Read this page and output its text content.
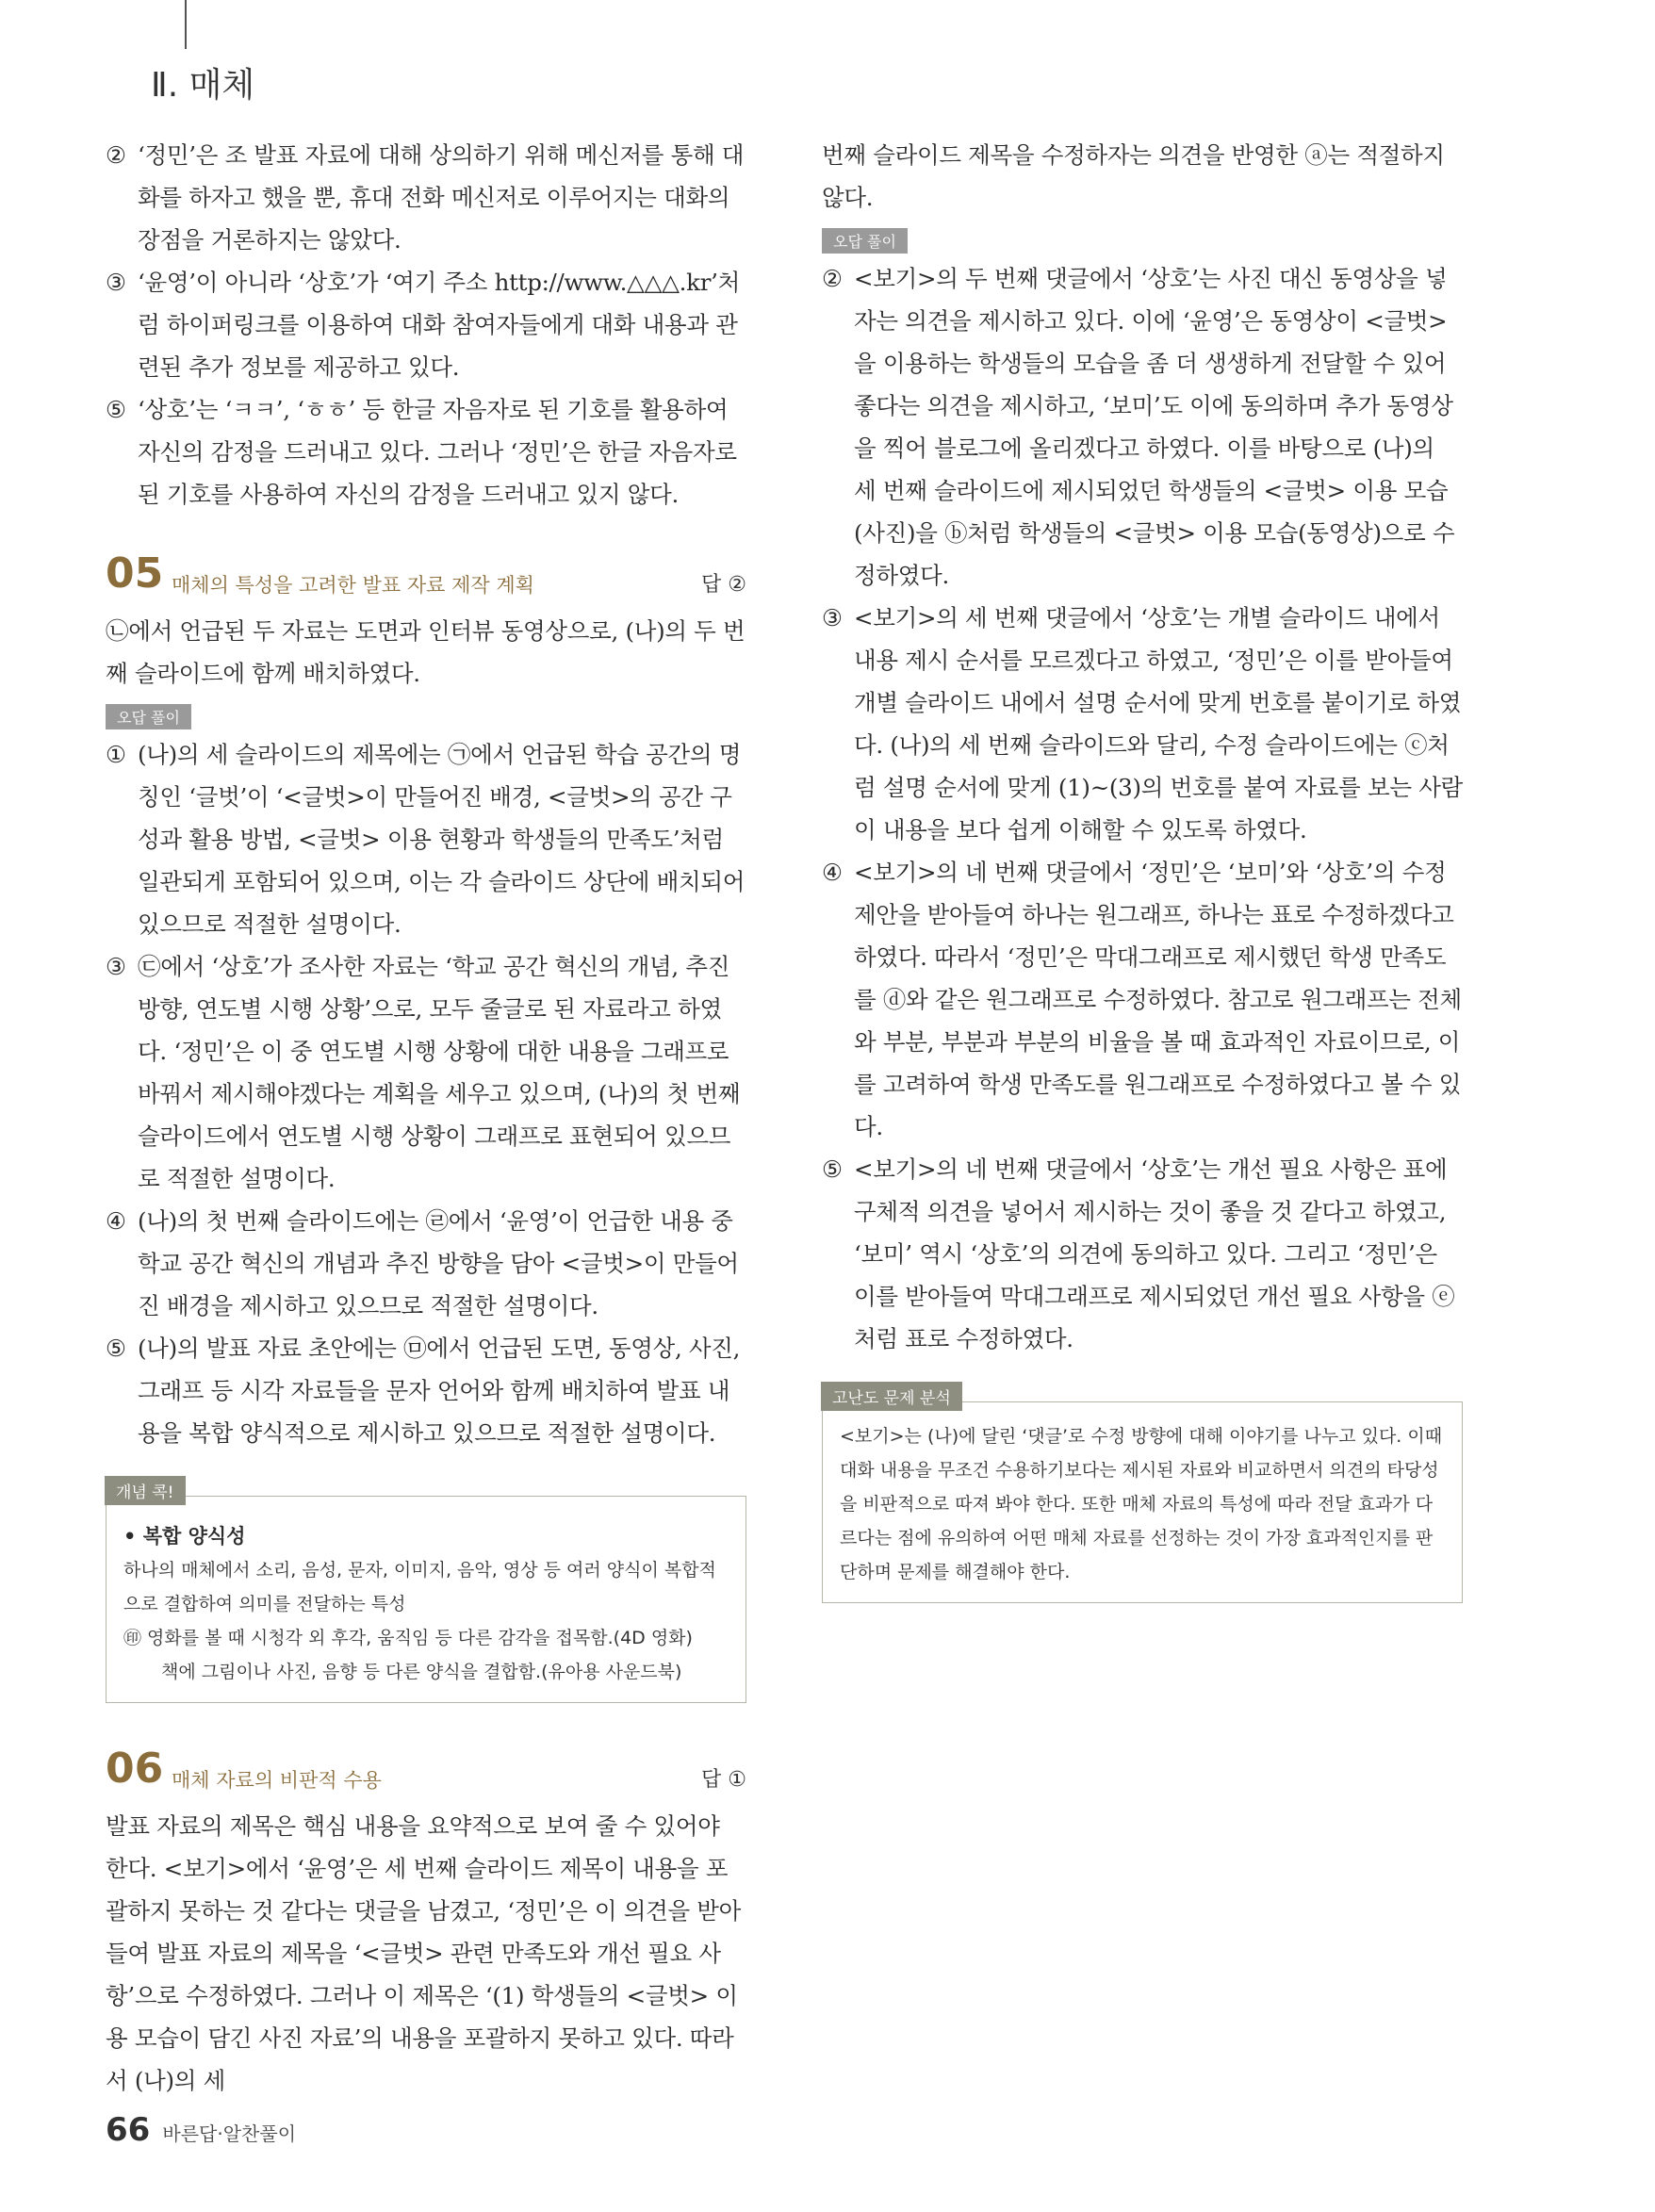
Ⅱ. 매체

② ‘정민’은 조 발표 자료에 대해 상의하기 위해 메신저를 통해 대화를 하자고 했을 뿐, 휴대 전화 메신저로 이루어지는 대화의 장점을 거론하지는 않았다.

③ ‘윤영’이 아니라 ‘상호’가 ‘여기 주소 http://www.△△△.kr’처럼 하이퍼링크를 이용하여 대화 참여자들에게 대화 내용과 관련된 추가 정보를 제공하고 있다.

⑤ ‘상호’는 ‘ㅋㅋ’, ‘ㅎㅎ’ 등 한글 자음자로 된 기호를 활용하여 자신의 감정을 드러내고 있다. 그러나 ‘정민’은 한글 자음자로 된 기호를 사용하여 자신의 감정을 드러내고 있지 않다.

05 매체의 특성을 고려한 발표 자료 제작 계획	답 ②

㉡에서 언급된 두 자료는 도면과 인터뷰 동영상으로, (나)의 두 번째 슬라이드에 함께 배치하였다.

오답 풀이

① (나)의 세 슬라이드의 제목에는 ㉠에서 언급된 학습 공간의 명칭인 ‘글벗’이 ‘<글벗>이 만들어진 배경, <글벗>의 공간 구성과 활용 방법, <글벗> 이용 현황과 학생들의 만족도’처럼 일관되게 포함되어 있으며, 이는 각 슬라이드 상단에 배치되어 있으므로 적절한 설명이다.

③ ㉢에서 ‘상호’가 조사한 자료는 ‘학교 공간 혁신의 개념, 추진 방향, 연도별 시행 상황’으로, 모두 줄글로 된 자료라고 하였다. ‘정민’은 이 중 연도별 시행 상황에 대한 내용을 그래프로 바꿔서 제시해야겠다는 계획을 세우고 있으며, (나)의 첫 번째 슬라이드에서 연도별 시행 상황이 그래프로 표현되어 있으므로 적절한 설명이다.

④ (나)의 첫 번째 슬라이드에는 ㉣에서 ‘윤영’이 언급한 내용 중 학교 공간 혁신의 개념과 추진 방향을 담아 <글벗>이 만들어진 배경을 제시하고 있으므로 적절한 설명이다.

⑤ (나)의 발표 자료 초안에는 ㉤에서 언급된 도면, 동영상, 사진, 그래프 등 시각 자료들을 문자 언어와 함께 배치하여 발표 내용을 복합 양식적으로 제시하고 있으므로 적절한 설명이다.

개념 콕!
• 복합 양식성

하나의 매체에서 소리, 음성, 문자, 이미지, 음악, 영상 등 여러 양식이 복합적으로 결합하여 의미를 전달하는 특성

㊞ 영화를 볼 때 시청각 외 후각, 움직임 등 다른 감각을 접목함.(4D 영화)

책에 그림이나 사진, 음향 등 다른 양식을 결합함.(유아용 사운드북)

06 매체 자료의 비판적 수용	답 ①

발표 자료의 제목은 핵심 내용을 요약적으로 보여 줄 수 있어야 한다. <보기>에서 ‘윤영’은 세 번째 슬라이드 제목이 내용을 포괄하지 못하는 것 같다는 댓글을 남겼고, ‘정민’은 이 의견을 받아들여 발표 자료의 제목을 ‘<글벗> 관련 만족도와 개선 필요 사항’으로 수정하였다. 그러나 이 제목은 ‘(1) 학생들의 <글벗> 이용 모습이 담긴 사진 자료’의 내용을 포괄하지 못하고 있다. 따라서 (나)의 세

번째 슬라이드 제목을 수정하자는 의견을 반영한 ⓐ는 적절하지 않다.

오답 풀이

② <보기>의 두 번째 댓글에서 ‘상호’는 사진 대신 동영상을 넣자는 의견을 제시하고 있다. 이에 ‘윤영’은 동영상이 <글벗>을 이용하는 학생들의 모습을 좀 더 생생하게 전달할 수 있어 좋다는 의견을 제시하고, ‘보미’도 이에 동의하며 추가 동영상을 찍어 블로그에 올리겠다고 하였다. 이를 바탕으로 (나)의 세 번째 슬라이드에 제시되었던 학생들의 <글벗> 이용 모습(사진)을 ⓑ처럼 학생들의 <글벗> 이용 모습(동영상)으로 수정하였다.

③ <보기>의 세 번째 댓글에서 ‘상호’는 개별 슬라이드 내에서 내용 제시 순서를 모르겠다고 하였고, ‘정민’은 이를 받아들여 개별 슬라이드 내에서 설명 순서에 맞게 번호를 붙이기로 하였다. (나)의 세 번째 슬라이드와 달리, 수정 슬라이드에는 ⓒ처럼 설명 순서에 맞게 (1)~(3)의 번호를 붙여 자료를 보는 사람이 내용을 보다 쉽게 이해할 수 있도록 하였다.

④ <보기>의 네 번째 댓글에서 ‘정민’은 ‘보미’와 ‘상호’의 수정 제안을 받아들여 하나는 원그래프, 하나는 표로 수정하겠다고 하였다. 따라서 ‘정민’은 막대그래프로 제시했던 학생 만족도를 ⓓ와 같은 원그래프로 수정하였다. 참고로 원그래프는 전체와 부분, 부분과 부분의 비율을 볼 때 효과적인 자료이므로, 이를 고려하여 학생 만족도를 원그래프로 수정하였다고 볼 수 있다.

⑤ <보기>의 네 번째 댓글에서 ‘상호’는 개선 필요 사항은 표에 구체적 의견을 넣어서 제시하는 것이 좋을 것 같다고 하였고, ‘보미’ 역시 ‘상호’의 의견에 동의하고 있다. 그리고 ‘정민’은 이를 받아들여 막대그래프로 제시되었던 개선 필요 사항을 ⓔ처럼 표로 수정하였다.

고난도 문제 분석

<보기>는 (나)에 달린 ‘댓글’로 수정 방향에 대해 이야기를 나누고 있다. 이때 대화 내용을 무조건 수용하기보다는 제시된 자료와 비교하면서 의견의 타당성을 비판적으로 따져 봐야 한다. 또한 매체 자료의 특성에 따라 전달 효과가 다르다는 점에 유의하여 어떤 매체 자료를 선정하는 것이 가장 효과적인지를 판단하며 문제를 해결해야 한다.

66 바른답·알찬풀이
